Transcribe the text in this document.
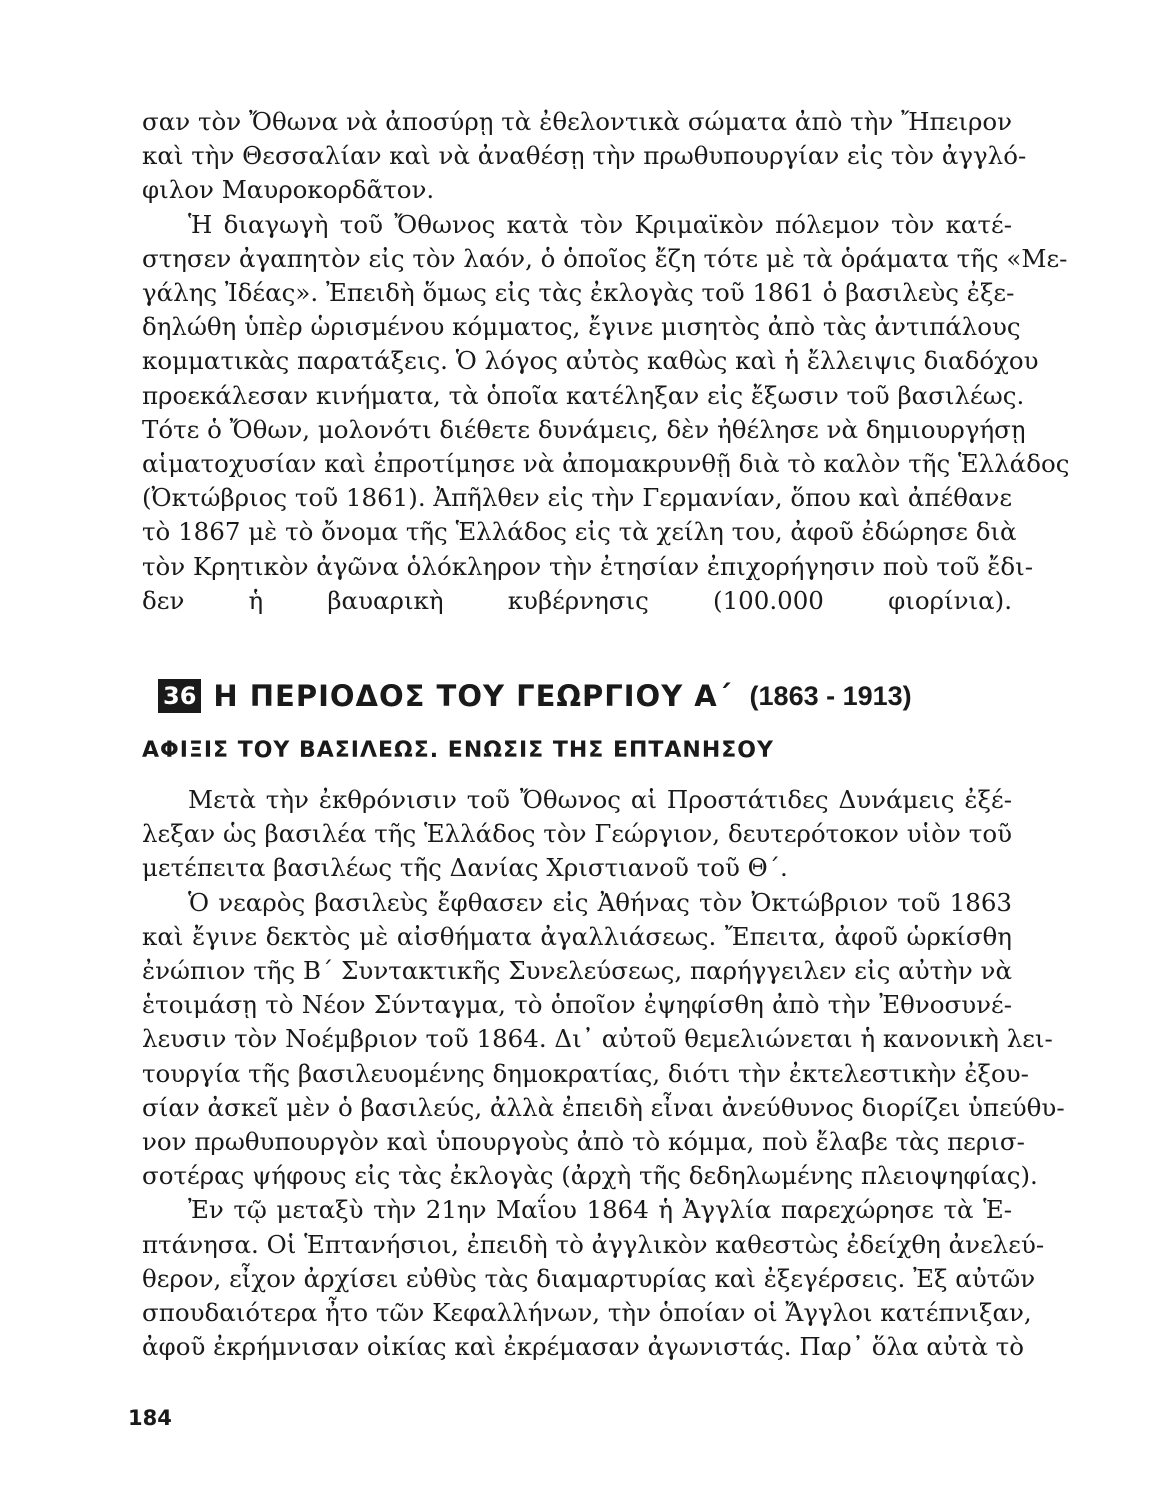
σαν τὸν Ὄθωνα νὰ ἀποσύρῃ τὰ ἐθελοντικὰ σώματα ἀπὸ τὴν Ἤπειρον
καὶ τὴν Θεσσαλίαν καὶ νὰ ἀναθέσῃ τὴν πρωθυπουργίαν εἰς τὸν ἀγγλό-
φιλον Μαυροκορδᾶτον.
Ἡ διαγωγὴ τοῦ Ὄθωνος κατὰ τὸν Κριμαϊκὸν πόλεμον τὸν κατέ-
στησεν ἀγαπητὸν εἰς τὸν λαόν, ὁ ὁποῖος ἔζη τότε μὲ τὰ ὁράματα τῆς «Με-
γάλης Ἰδέας». Ἐπειδὴ ὅμως εἰς τὰς ἐκλογὰς τοῦ 1861 ὁ βασιλεὺς ἐξε-
δηλώθη ὑπὲρ ὡρισμένου κόμματος, ἔγινε μισητὸς ἀπὸ τὰς ἀντιπάλους
κομματικὰς παρατάξεις. Ὁ λόγος αὐτὸς καθὼς καὶ ἡ ἔλλειψις διαδόχου
προεκάλεσαν κινήματα, τὰ ὁποῖα κατέληξαν εἰς ἔξωσιν τοῦ βασιλέως.
Τότε ὁ Ὄθων, μολονότι διέθετε δυνάμεις, δὲν ἠθέλησε νὰ δημιουργήσῃ
αἱματοχυσίαν καὶ ἐπροτίμησε νὰ ἀπομακρυνθῇ διὰ τὸ καλὸν τῆς Ἑλλάδος
(Ὀκτώβριος τοῦ 1861). Ἀπῆλθεν εἰς τὴν Γερμανίαν, ὅπου καὶ ἀπέθανε
τὸ 1867 μὲ τὸ ὄνομα τῆς Ἑλλάδος εἰς τὰ χείλη του, ἀφοῦ ἐδώρησε διὰ
τὸν Κρητικὸν ἀγῶνα ὁλόκληρον τὴν ἐτησίαν ἐπιχορήγησιν ποὺ τοῦ ἔδι-
δεν ἡ βαυαρικὴ κυβέρνησις (100.000 φιορίνια).
36 Η ΠΕΡΙΟΔΟΣ ΤΟΥ ΓΕΩΡΓΙΟΥ Α΄ (1863 - 1913)
ΑΦΙΞΙΣ ΤΟΥ ΒΑΣΙΛΕΩΣ. ΕΝΩΣΙΣ ΤΗΣ ΕΠΤΑΝΗΣΟΥ
Μετὰ τὴν ἐκθρόνισιν τοῦ Ὄθωνος αἱ Προστάτιδες Δυνάμεις ἐξέ-
λεξαν ὡς βασιλέα τῆς Ἑλλάδος τὸν Γεώργιον, δευτερότοκον υἱὸν τοῦ
μετέπειτα βασιλέως τῆς Δανίας Χριστιανοῦ τοῦ Θ΄.
Ὁ νεαρὸς βασιλεὺς ἔφθασεν εἰς Ἀθήνας τὸν Ὀκτώβριον τοῦ 1863
καὶ ἔγινε δεκτὸς μὲ αἰσθήματα ἀγαλλιάσεως. Ἔπειτα, ἀφοῦ ὡρκίσθη
ἐνώπιον τῆς Β΄ Συντακτικῆς Συνελεύσεως, παρήγγειλεν εἰς αὐτὴν νὰ
ἑτοιμάσῃ τὸ Νέον Σύνταγμα, τὸ ὁποῖον ἐψηφίσθη ἀπὸ τὴν Ἐθνοσυνέ-
λευσιν τὸν Νοέμβριον τοῦ 1864. Δι᾽ αὐτοῦ θεμελιώνεται ἡ κανονικὴ λει-
τουργία τῆς βασιλευομένης δημοκρατίας, διότι τὴν ἐκτελεστικὴν ἐξου-
σίαν ἀσκεῖ μὲν ὁ βασιλεύς, ἀλλὰ ἐπειδὴ εἶναι ἀνεύθυνος διορίζει ὑπεύθυ-
νον πρωθυπουργὸν καὶ ὑπουργοὺς ἀπὸ τὸ κόμμα, ποὺ ἔλαβε τὰς περισ-
σοτέρας ψήφους εἰς τὰς ἐκλογὰς (ἀρχὴ τῆς δεδηλωμένης πλειοψηφίας).
Ἐν τῷ μεταξὺ τὴν 21ην Μαΐου 1864 ἡ Ἀγγλία παρεχώρησε τὰ Ἑ-
πτάνησα. Οἱ Ἑπτανήσιοι, ἐπειδὴ τὸ ἀγγλικὸν καθεστὼς ἐδείχθη ἀνελεύ-
θερον, εἶχον ἀρχίσει εὐθὺς τὰς διαμαρτυρίας καὶ ἐξεγέρσεις. Ἐξ αὐτῶν
σπουδαιότερα ἦτο τῶν Κεφαλλήνων, τὴν ὁποίαν οἱ Ἄγγλοι κατέπνιξαν,
ἀφοῦ ἐκρήμνισαν οἰκίας καὶ ἐκρέμασαν ἀγωνιστάς. Παρ᾽ ὅλα αὐτὰ τὸ
184
